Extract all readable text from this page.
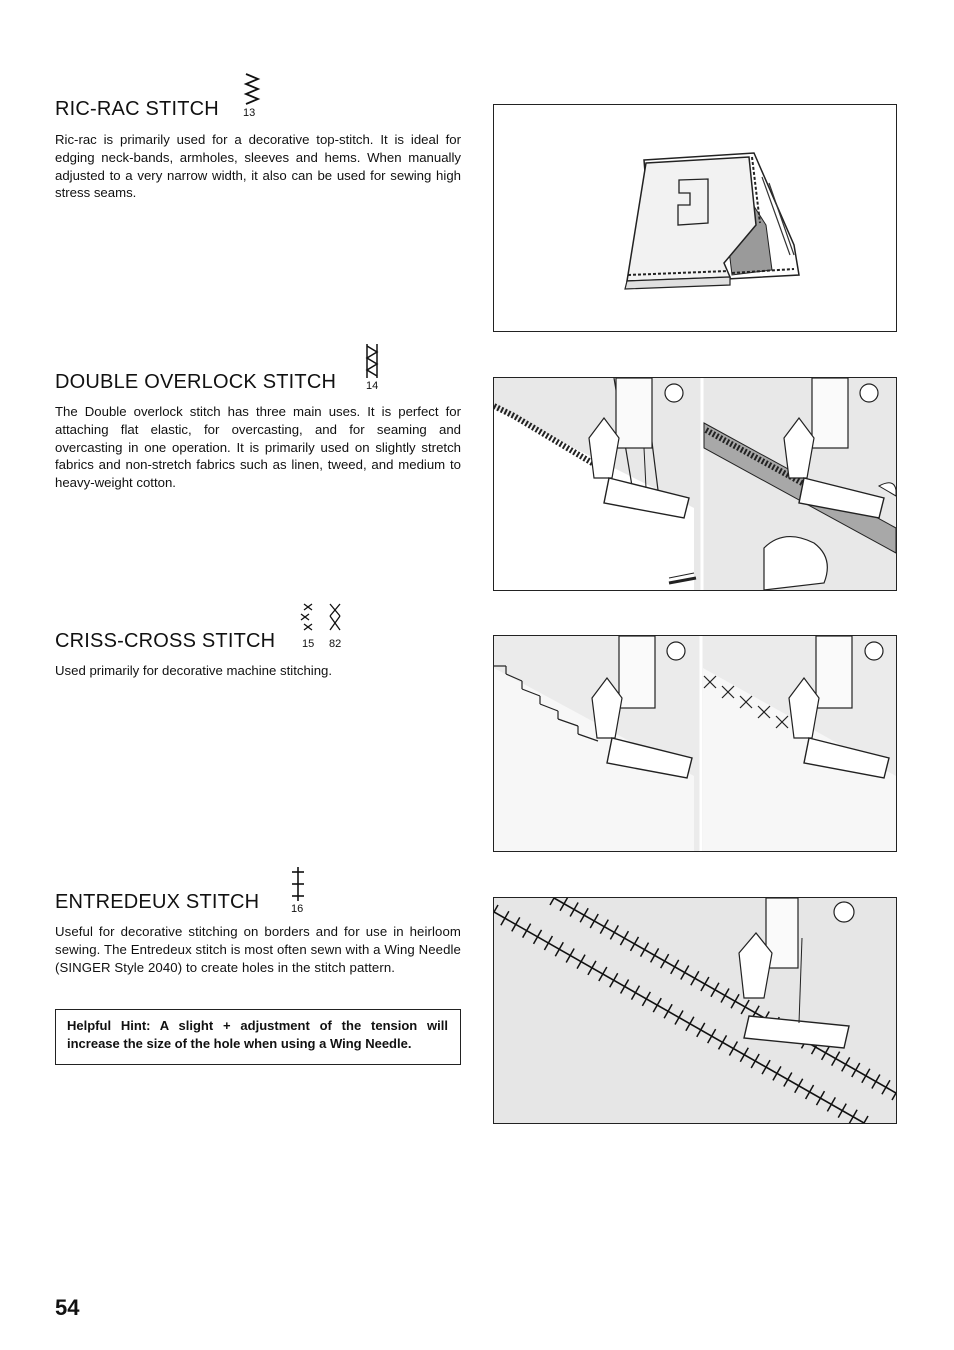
RIC-RAC STITCH 13

Ric-rac is primarily used for a decorative top-stitch. It is ideal for edging neck-bands, armholes, sleeves and hems. When manually adjusted to a very narrow width, it also can be used for sewing high stress seams.

DOUBLE OVERLOCK STITCH	14

The Double overlock stitch has three main uses. It is perfect for attaching flat elastic, for overcasting, and for seaming and overcasting in one operation. It is primarily used on slightly stretch fabrics and non-stretch fabrics such as linen, tweed, and medium to heavy-weight cotton.

CRISS-CROSS STITCH 15 82

Used primarily for decorative machine stitching.

ENTREDEUX STITCH	16

Useful for decorative stitching on borders and for use in heirloom sewing. The Entredeux stitch is most often sewn with a Wing Needle (SINGER Style 2040) to create holes in the stitch pattern.

Helpful Hint: A slight + adjustment of the tension will increase the size of the hole when using a Wing Needle.

54
